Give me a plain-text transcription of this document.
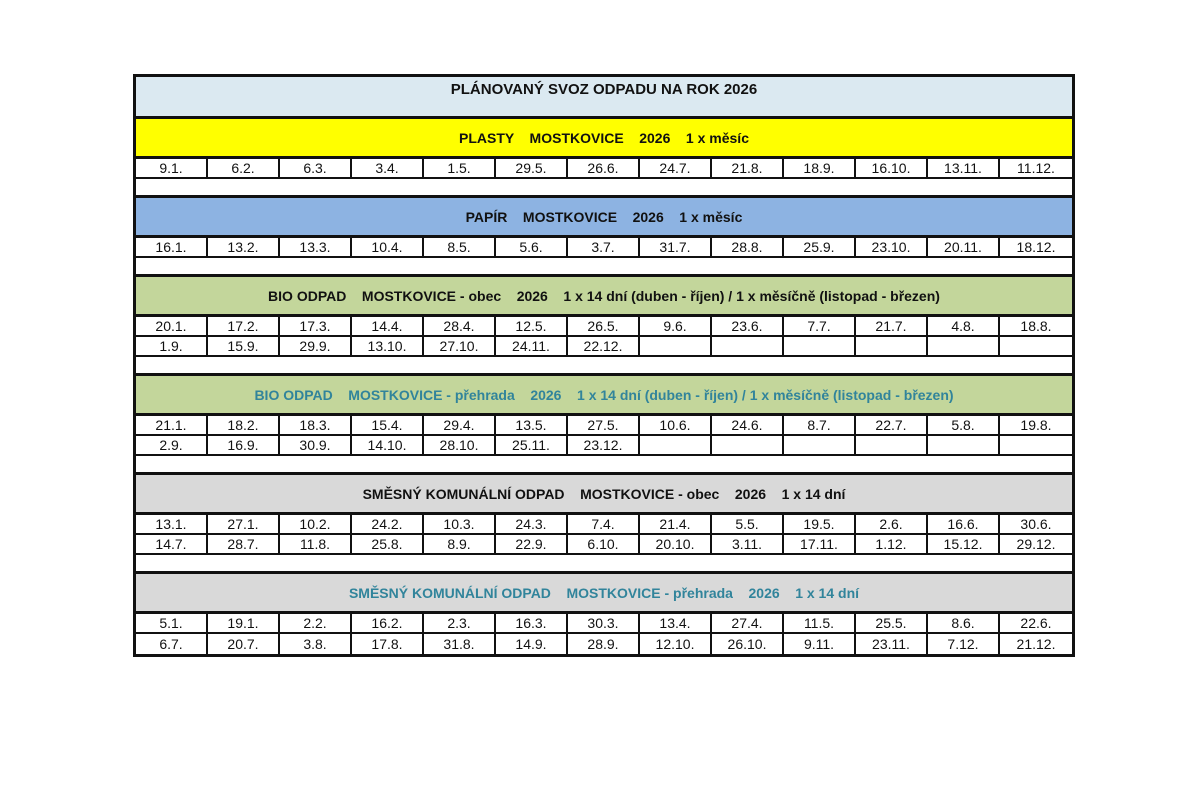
PLÁNOVANÝ SVOZ ODPADU NA ROK 2026
PLASTY    MOSTKOVICE    2026    1 x měsíc
9.1.	6.2.	6.3.	3.4.	1.5.	29.5.	26.6.	24.7.	21.8.	18.9.	16.10.	13.11.	11.12.
PAPÍR    MOSTKOVICE    2026    1 x měsíc
16.1.	13.2.	13.3.	10.4.	8.5.	5.6.	3.7.	31.7.	28.8.	25.9.	23.10.	20.11.	18.12.
BIO ODPAD    MOSTKOVICE - obec    2026    1 x 14 dní (duben - říjen) / 1 x měsíčně (listopad - březen)
20.1.	17.2.	17.3.	14.4.	28.4.	12.5.	26.5.	9.6.	23.6.	7.7.	21.7.	4.8.	18.8.
1.9.	15.9.	29.9.	13.10.	27.10.	24.11.	22.12.
BIO ODPAD    MOSTKOVICE - přehrada    2026    1 x 14 dní (duben - říjen) / 1 x měsíčně (listopad - březen)
21.1.	18.2.	18.3.	15.4.	29.4.	13.5.	27.5.	10.6.	24.6.	8.7.	22.7.	5.8.	19.8.
2.9.	16.9.	30.9.	14.10.	28.10.	25.11.	23.12.
SMĚSNÝ KOMUNÁLNÍ ODPAD    MOSTKOVICE - obec    2026    1 x 14 dní
13.1.	27.1.	10.2.	24.2.	10.3.	24.3.	7.4.	21.4.	5.5.	19.5.	2.6.	16.6.	30.6.
14.7.	28.7.	11.8.	25.8.	8.9.	22.9.	6.10.	20.10.	3.11.	17.11.	1.12.	15.12.	29.12.
SMĚSNÝ KOMUNÁLNÍ ODPAD    MOSTKOVICE - přehrada    2026    1 x 14 dní
5.1.	19.1.	2.2.	16.2.	2.3.	16.3.	30.3.	13.4.	27.4.	11.5.	25.5.	8.6.	22.6.
6.7.	20.7.	3.8.	17.8.	31.8.	14.9.	28.9.	12.10.	26.10.	9.11.	23.11.	7.12.	21.12.
